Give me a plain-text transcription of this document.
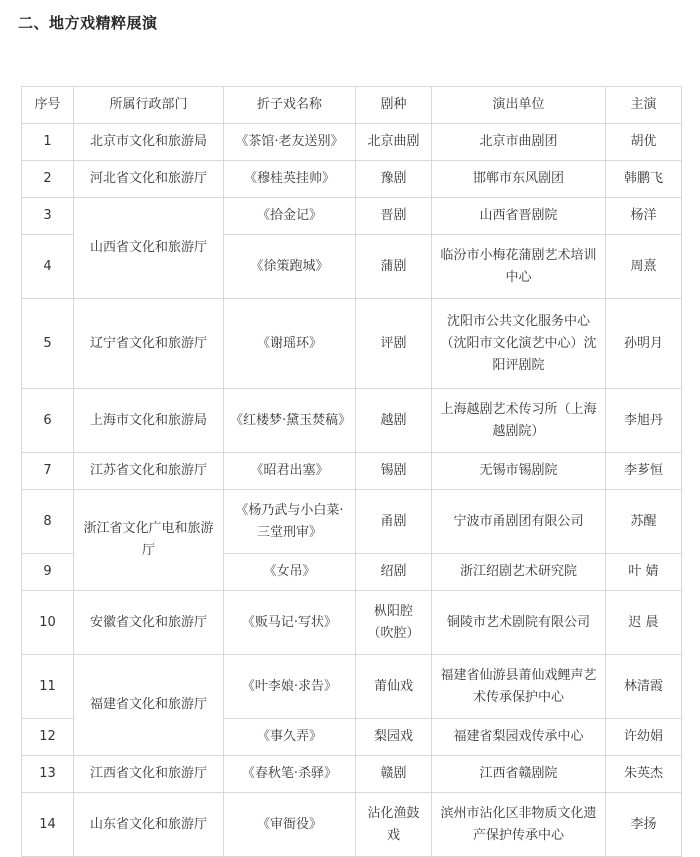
二、地方戏精粹展演
序号	所属行政部门	折子戏名称	剧种	演出单位	主演
1	北京市文化和旅游局	《茶馆·老友送别》	北京曲剧	北京市曲剧团	胡优
2	河北省文化和旅游厅	《穆桂英挂帅》	豫剧	邯郸市东风剧团	韩鹏飞
3	山西省文化和旅游厅	《拾金记》	晋剧	山西省晋剧院	杨洋
4		《徐策跑城》	蒲剧	临汾市小梅花蒲剧艺术培训中心	周熹
5	辽宁省文化和旅游厅	《谢瑶环》	评剧	沈阳市公共文化服务中心（沈阳市文化演艺中心）沈阳评剧院	孙明月
6	上海市文化和旅游局	《红楼梦·黛玉焚稿》	越剧	上海越剧艺术传习所（上海越剧院）	李旭丹
7	江苏省文化和旅游厅	《昭君出塞》	锡剧	无锡市锡剧院	李芗恒
8	浙江省文化广电和旅游厅	《杨乃武与小白菜·三堂刑审》	甬剧	宁波市甬剧团有限公司	苏醒
9		《女吊》	绍剧	浙江绍剧艺术研究院	叶 婧
10	安徽省文化和旅游厅	《贩马记·写状》	枞阳腔（吹腔）	铜陵市艺术剧院有限公司	迟 晨
11	福建省文化和旅游厅	《叶李娘·求告》	莆仙戏	福建省仙游县莆仙戏鲤声艺术传承保护中心	林清霞
12		《事久弄》	梨园戏	福建省梨园戏传承中心	许幼娟
13	江西省文化和旅游厅	《春秋笔·杀驿》	赣剧	江西省赣剧院	朱英杰
14	山东省文化和旅游厅	《审衙役》	沾化渔鼓戏	滨州市沾化区非物质文化遗产保护传承中心	李扬
